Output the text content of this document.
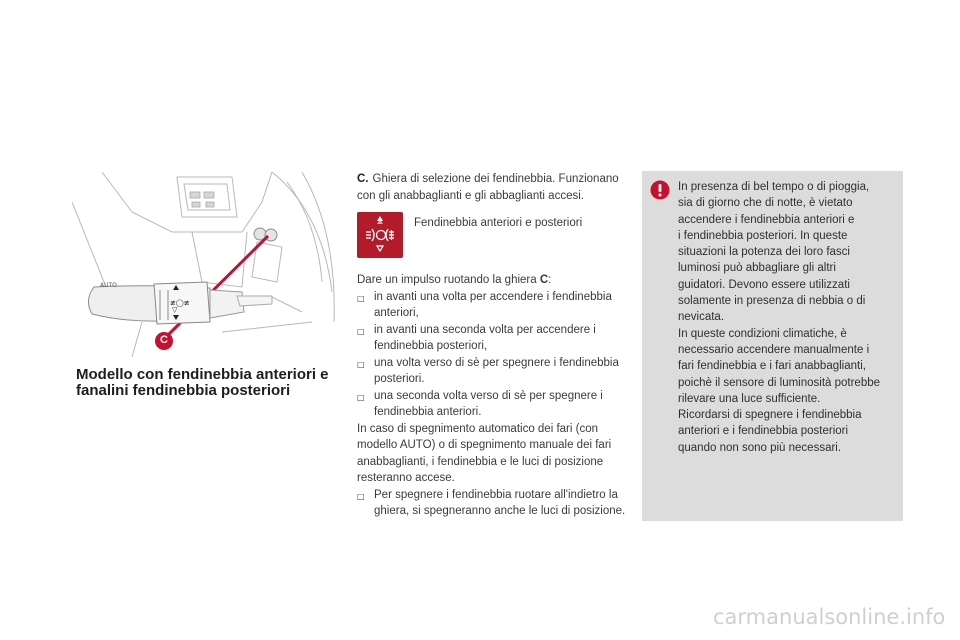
≢◯≢
▽
AUTO
C
Modello con fendinebbia anteriori e fanalini fendinebbia posteriori

C. Ghiera di selezione dei fendinebbia. Funzionano con gli anabbaglianti e gli abbaglianti accesi.

Fendinebbia anteriori e posteriori

Dare un impulso ruotando la ghiera C:

□ in avanti una volta per accendere i fendinebbia anteriori,
□ in avanti una seconda volta per accendere i fendinebbia posteriori,
□ una volta verso di sè per spegnere i fendinebbia posteriori.
□ una seconda volta verso di sè per spegnere i fendinebbia anteriori.

In caso di spegnimento automatico dei fari (con modello AUTO) o di spegnimento manuale dei fari anabbaglianti, i fendinebbia e le luci di posizione resteranno accese.

□ Per spegnere i fendinebbia ruotare all'indietro la ghiera, si spegneranno anche le luci di posizione.
In presenza di bel tempo o di pioggia,
sia di giorno che di notte, è vietato
accendere i fendinebbia anteriori e
i fendinebbia posteriori. In queste
situazioni la potenza dei loro fasci
luminosi può abbagliare gli altri
guidatori. Devono essere utilizzati
solamente in presenza di nebbia o di
nevicata.
In queste condizioni climatiche, è
necessario accendere manualmente i
fari fendinebbia e i fari anabbaglianti,
poichè il sensore di luminosità potrebbe
rilevare una luce sufficiente.
Ricordarsi di spegnere i fendinebbia
anteriori e i fendinebbia posteriori
quando non sono più necessari.
carmanualsonline.info
